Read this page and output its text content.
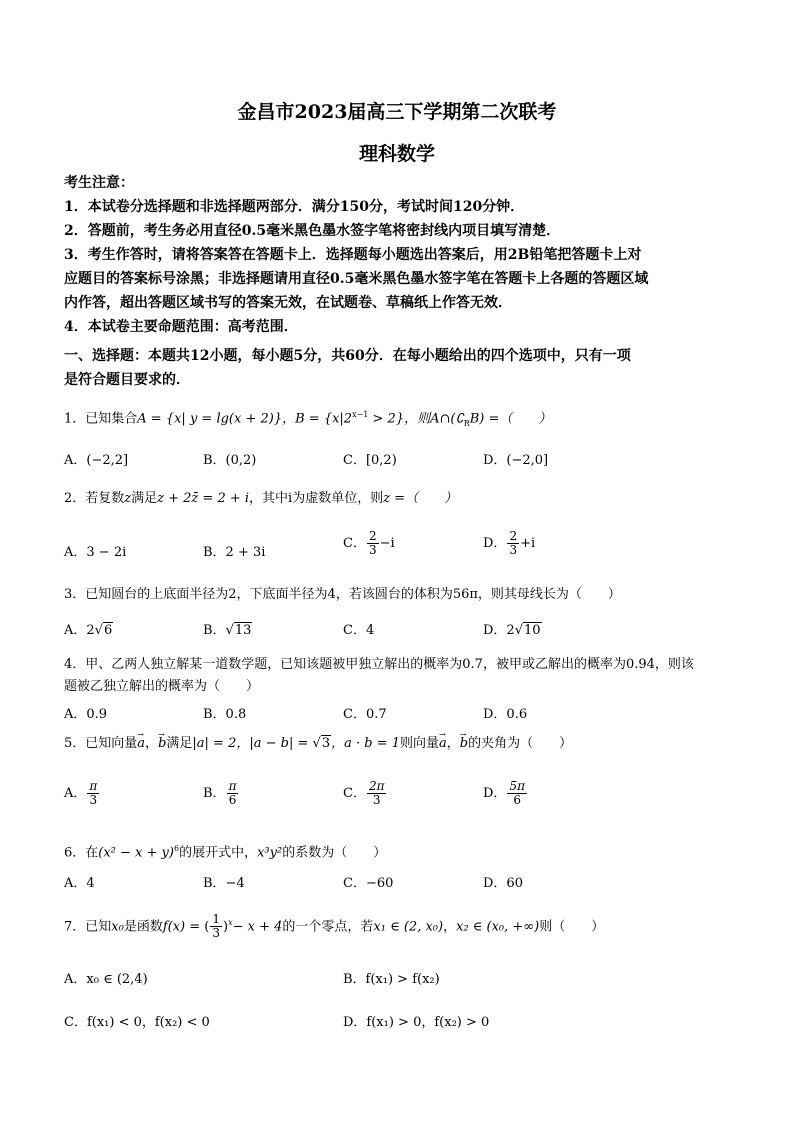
金昌市2023届高三下学期第二次联考
理科数学
考生注意：
1．本试卷分选择题和非选择题两部分．满分150分，考试时间120分钟．
2．答题前，考生务必用直径0.5毫米黑色墨水签字笔将密封线内项目填写清楚．
3．考生作答时，请将答案答在答题卡上．选择题每小题选出答案后，用2B铅笔把答题卡上对
应题目的答案标号涂黑；非选择题请用直径0.5毫米黑色墨水签字笔在答题卡上各题的答题区域
内作答，超出答题区域书写的答案无效，在试题卷、草稿纸上作答无效．
4．本试卷主要命题范围：高考范围．
一、选择题：本题共12小题，每小题5分，共60分．在每小题给出的四个选项中，只有一项
是符合题目要求的．
1．已知集合A = {x| y = lg(x + 2)}，$B = \{x|2^{x-1} > 2\}$，则$A\cap(∁_RB)$ =（　　）
A．(−2,2]	B．(0,2)	C．[0,2)	D．(−2,0]
2．若复数z满足z + 2z̄ = 2 + i，其中i为虚数单位，则z =（　　）
A．3 − 2i	B．2 + 3i
C． $\frac{2}{3} -i$	D． $\frac{2}{3} +i$
3．已知圆台的上底面半径为2，下底面半径为4，若该圆台的体积为56π，则其母线长为（　　）
A．2√6	B．√13	C．4	D．2√10
4．甲、乙两人独立解某一道数学题，已知该题被甲独立解出的概率为0.7，被甲或乙解出的概率为0.94，则该
题被乙独立解出的概率为（　　）
A．0.9	B．0.8	C．0.7	D．0.6
5．已知向量→ a，→ b满足|a| = 2，|a − b| = √3，a · b = 1则向量→ a，→ b的夹角为（　　）
A． $\frac{\pi}{3}$	B． $\frac{\pi}{6}$	C． $\frac{2\pi}{3}$	D． $\frac{5\pi}{6}$
6．在$(x^2 - x + y)^6$的展开式中，x³y²的系数为（　　）
A．4	B．−4	C．−60	D．60
7．已知x₀是函数f(x) = ( $\frac{1}{3} )^x- x + 4$的一个零点，若x₁ ∈ (2, x₀)，x₂ ∈ (x₀, +∞)则（　　）
A．x₀ ∈ (2,4)	B．f(x₁) > f(x₂)
C．f(x₁) < 0，f(x₂) < 0	D．f(x₁) > 0，f(x₂) > 0
